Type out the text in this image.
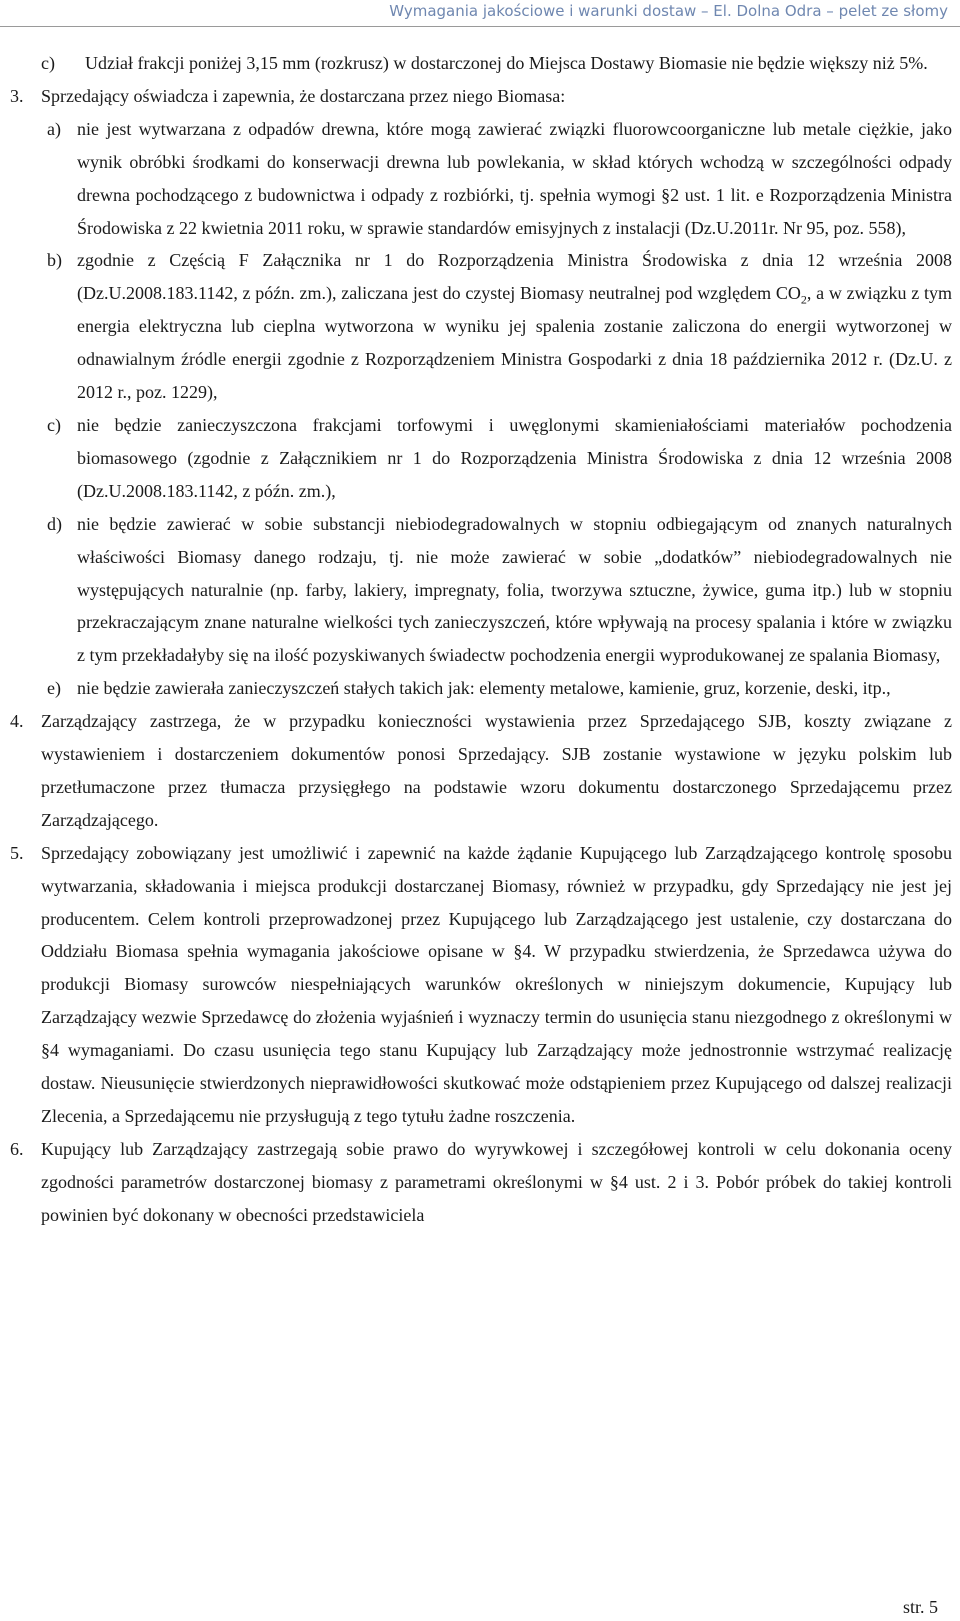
Wymagania jakościowe i warunki dostaw – El. Dolna Odra – pelet ze słomy

c) Udział frakcji poniżej 3,15 mm (rozkrusz) w dostarczonej do Miejsca Dostawy Biomasie nie będzie większy niż 5%.

3. Sprzedający oświadcza i zapewnia, że dostarczana przez niego Biomasa:

a) nie jest wytwarzana z odpadów drewna, które mogą zawierać związki fluorowcoorganiczne lub metale ciężkie, jako wynik obróbki środkami do konserwacji drewna lub powlekania, w skład których wchodzą w szczególności odpady drewna pochodzącego z budownictwa i odpady z rozbiórki, tj. spełnia wymogi §2 ust. 1 lit. e Rozporządzenia Ministra Środowiska z 22 kwietnia 2011 roku, w sprawie standardów emisyjnych z instalacji (Dz.U.2011r. Nr 95, poz. 558),

b) zgodnie z Częścią F Załącznika nr 1 do Rozporządzenia Ministra Środowiska z dnia 12 września 2008 (Dz.U.2008.183.1142, z późn. zm.), zaliczana jest do czystej Biomasy neutralnej pod względem $CO_2$, a w związku z tym energia elektryczna lub cieplna wytworzona w wyniku jej spalenia zostanie zaliczona do energii wytworzonej w odnawialnym źródle energii zgodnie z Rozporządzeniem Ministra Gospodarki z dnia 18 października 2012 r. (Dz.U. z 2012 r., poz. 1229),

c) nie będzie zanieczyszczona frakcjami torfowymi i uwęglonymi skamieniałościami materiałów pochodzenia biomasowego (zgodnie z Załącznikiem nr 1 do Rozporządzenia Ministra Środowiska z dnia 12 września 2008 (Dz.U.2008.183.1142, z późn. zm.),

d) nie będzie zawierać w sobie substancji niebiodegradowalnych w stopniu odbiegającym od znanych naturalnych właściwości Biomasy danego rodzaju, tj. nie może zawierać w sobie „dodatków” niebiodegradowalnych nie występujących naturalnie (np. farby, lakiery, impregnaty, folia, tworzywa sztuczne, żywice, guma itp.) lub w stopniu przekraczającym znane naturalne wielkości tych zanieczyszczeń, które wpływają na procesy spalania i które w związku z tym przekładałyby się na ilość pozyskiwanych świadectw pochodzenia energii wyprodukowanej ze spalania Biomasy,

e) nie będzie zawierała zanieczyszczeń stałych takich jak: elementy metalowe, kamienie, gruz, korzenie, deski, itp.,

4. Zarządzający zastrzega, że w przypadku konieczności wystawienia przez Sprzedającego SJB, koszty związane z wystawieniem i dostarczeniem dokumentów ponosi Sprzedający. SJB zostanie wystawione w języku polskim lub przetłumaczone przez tłumacza przysięgłego na podstawie wzoru dokumentu dostarczonego Sprzedającemu przez Zarządzającego.

5. Sprzedający zobowiązany jest umożliwić i zapewnić na każde żądanie Kupującego lub Zarządzającego kontrolę sposobu wytwarzania, składowania i miejsca produkcji dostarczanej Biomasy, również w przypadku, gdy Sprzedający nie jest jej producentem. Celem kontroli przeprowadzonej przez Kupującego lub Zarządzającego jest ustalenie, czy dostarczana do Oddziału Biomasa spełnia wymagania jakościowe opisane w §4. W przypadku stwierdzenia, że Sprzedawca używa do produkcji Biomasy surowców niespełniających warunków określonych w niniejszym dokumencie, Kupujący lub Zarządzający wezwie Sprzedawcę do złożenia wyjaśnień i wyznaczy termin do usunięcia stanu niezgodnego z określonymi w §4 wymaganiami. Do czasu usunięcia tego stanu Kupujący lub Zarządzający może jednostronnie wstrzymać realizację dostaw. Nieusunięcie stwierdzonych nieprawidłowości skutkować może odstąpieniem przez Kupującego od dalszej realizacji Zlecenia, a Sprzedającemu nie przysługują z tego tytułu żadne roszczenia.

6. Kupujący lub Zarządzający zastrzegają sobie prawo do wyrywkowej i szczegółowej kontroli w celu dokonania oceny zgodności parametrów dostarczonej biomasy z parametrami określonymi w §4 ust. 2 i 3. Pobór próbek do takiej kontroli powinien być dokonany w obecności przedstawiciela

str. 5
